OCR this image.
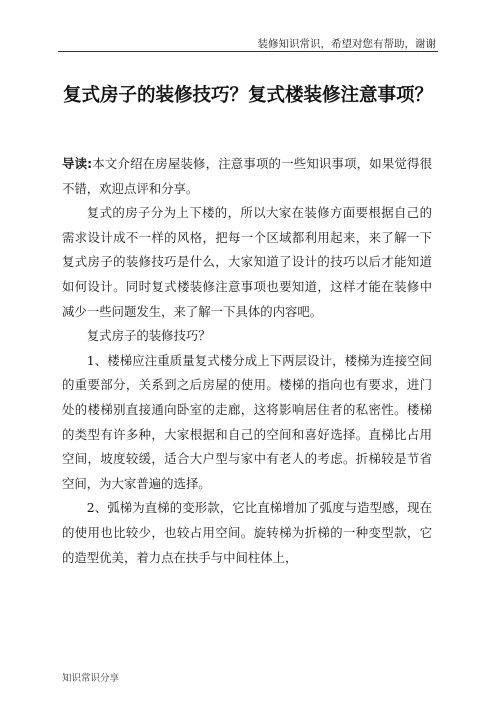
装修知识常识，希望对您有帮助，谢谢
复式房子的装修技巧？复式楼装修注意事项？

导读:本文介绍在房屋装修，注意事项的一些知识事项，如果觉得很不错，欢迎点评和分享。

复式的房子分为上下楼的，所以大家在装修方面要根据自己的需求设计成不一样的风格，把每一个区域都利用起来，来了解一下复式房子的装修技巧是什么，大家知道了设计的技巧以后才能知道如何设计。同时复式楼装修注意事项也要知道，这样才能在装修中减少一些问题发生，来了解一下具体的内容吧。

复式房子的装修技巧？

1、楼梯应注重质量复式楼分成上下两层设计，楼梯为连接空间的重要部分，关系到之后房屋的使用。楼梯的指向也有要求，进门处的楼梯别直接通向卧室的走廊，这将影响居住者的私密性。楼梯的类型有许多种，大家根据和自己的空间和喜好选择。直梯比占用空间，坡度较缓，适合大户型与家中有老人的考虑。折梯较是节省空间，为大家普遍的选择。

2、弧梯为直梯的变形款，它比直梯增加了弧度与造型感，现在的使用也比较少，也较占用空间。旋转梯为折梯的一种变型款，它的造型优美，着力点在扶手与中间柱体上，

知识常识分享
